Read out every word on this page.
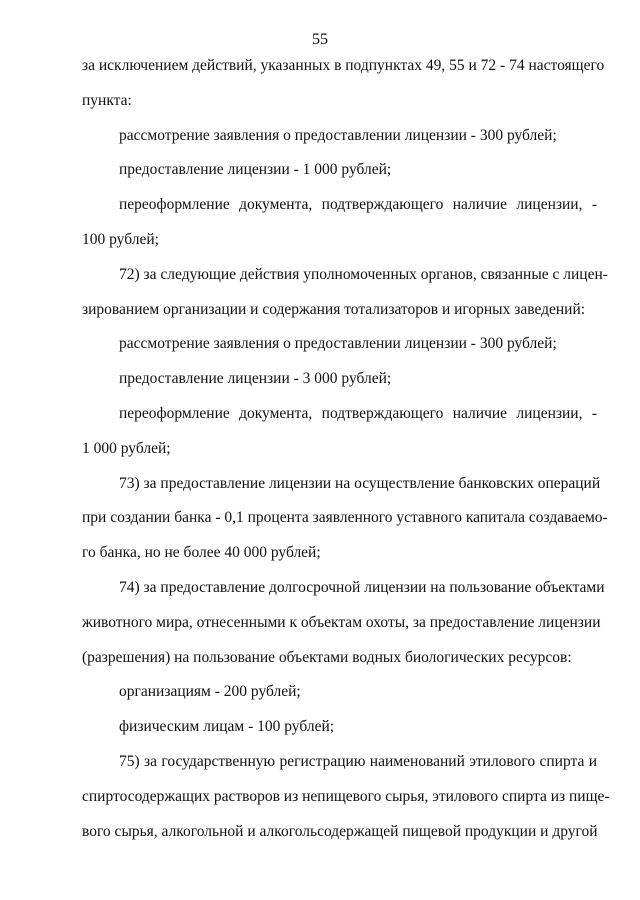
55
за исключением действий, указанных в подпунктах 49, 55 и 72 - 74 настоящего
пункта:
рассмотрение заявления о предоставлении лицензии - 300 рублей;
предоставление лицензии - 1 000 рублей;
переоформление документа, подтверждающего наличие лицензии, -
100 рублей;
72) за следующие действия уполномоченных органов, связанные с лицен-
зированием организации и содержания тотализаторов и игорных заведений:
рассмотрение заявления о предоставлении лицензии - 300 рублей;
предоставление лицензии - 3 000 рублей;
переоформление документа, подтверждающего наличие лицензии, -
1 000 рублей;
73) за предоставление лицензии на осуществление банковских операций
при создании банка - 0,1 процента заявленного уставного капитала создаваемо-
го банка, но не более 40 000 рублей;
74) за предоставление долгосрочной лицензии на пользование объектами
животного мира, отнесенными к объектам охоты, за предоставление лицензии
(разрешения) на пользование объектами водных биологических ресурсов:
организациям - 200 рублей;
физическим лицам - 100 рублей;
75) за государственную регистрацию наименований этилового спирта и
спиртосодержащих растворов из непищевого сырья, этилового спирта из пище-
вого сырья, алкогольной и алкогольсодержащей пищевой продукции и другой
